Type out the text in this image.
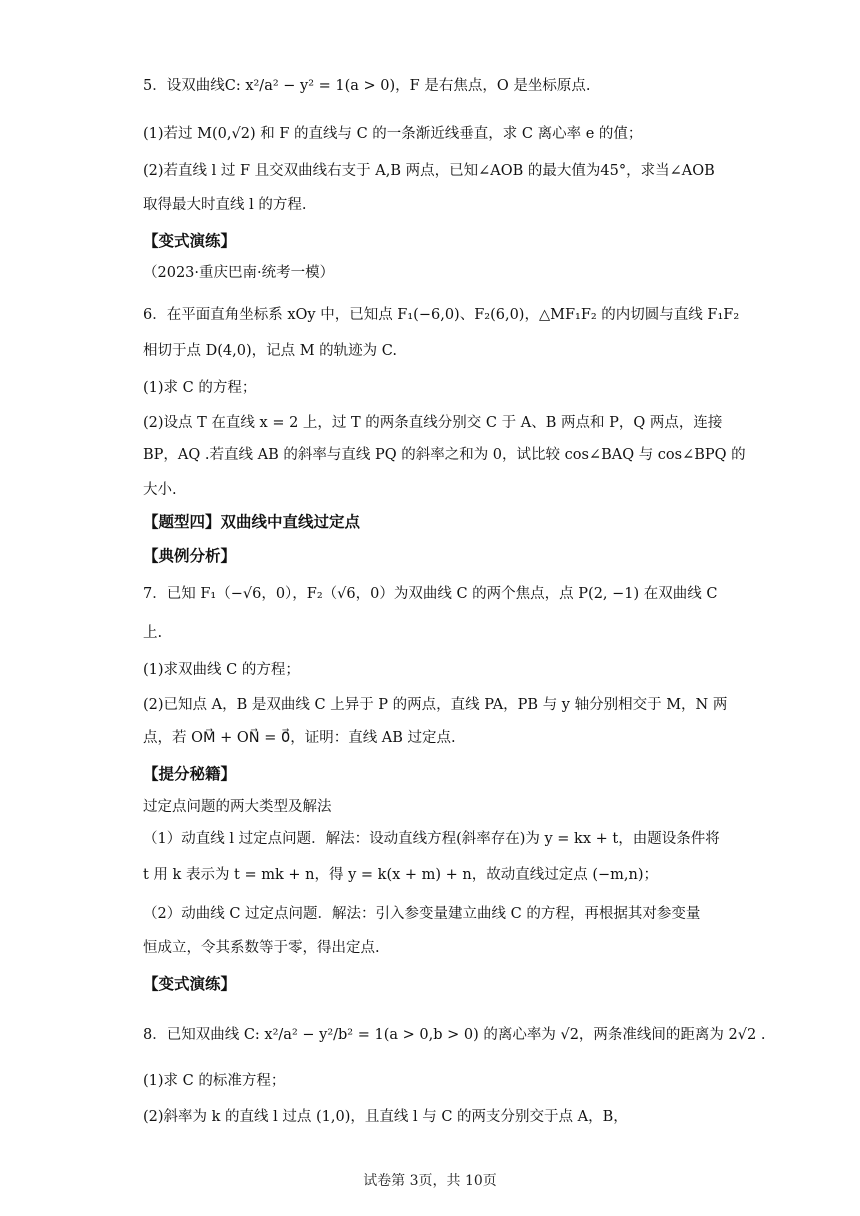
5．设双曲线C: x²/a² − y² = 1(a > 0)，F 是右焦点，O 是坐标原点.
(1)若过 M(0,√2) 和 F 的直线与 C 的一条渐近线垂直，求 C 离心率 e 的值；
(2)若直线 l 过 F 且交双曲线右支于 A,B 两点，已知∠AOB 的最大值为45°，求当∠AOB
取得最大时直线 l 的方程.
【变式演练】
（2023·重庆巴南·统考一模）
6．在平面直角坐标系 xOy 中，已知点 F₁(−6,0)、F₂(6,0)，△MF₁F₂ 的内切圆与直线 F₁F₂
相切于点 D(4,0)，记点 M 的轨迹为 C.
(1)求 C 的方程；
(2)设点 T 在直线 x = 2 上，过 T 的两条直线分别交 C 于 A、B 两点和 P，Q 两点，连接
BP，AQ .若直线 AB 的斜率与直线 PQ 的斜率之和为 0，试比较 cos∠BAQ 与 cos∠BPQ 的
大小.
【题型四】双曲线中直线过定点
【典例分析】
7．已知 F₁（−√6，0），F₂（√6，0）为双曲线 C 的两个焦点，点 P(2, −1) 在双曲线 C
上.
(1)求双曲线 C 的方程；
(2)已知点 A，B 是双曲线 C 上异于 P 的两点，直线 PA，PB 与 y 轴分别相交于 M，N 两
点，若 OM⃗ + ON⃗ = 0⃗，证明：直线 AB 过定点.
【提分秘籍】
过定点问题的两大类型及解法
（1）动直线 l 过定点问题．解法：设动直线方程(斜率存在)为 y = kx + t，由题设条件将
t 用 k 表示为 t = mk + n，得 y = k(x + m) + n，故动直线过定点 (−m,n)；
（2）动曲线 C 过定点问题．解法：引入参变量建立曲线 C 的方程，再根据其对参变量
恒成立，令其系数等于零，得出定点.
【变式演练】
8．已知双曲线 C: x²/a² − y²/b² = 1(a > 0,b > 0) 的离心率为 √2，两条准线间的距离为 2√2 .
(1)求 C 的标准方程；
(2)斜率为 k 的直线 l 过点 (1,0)，且直线 l 与 C 的两支分别交于点 A，B，
试卷第 3页，共 10页
